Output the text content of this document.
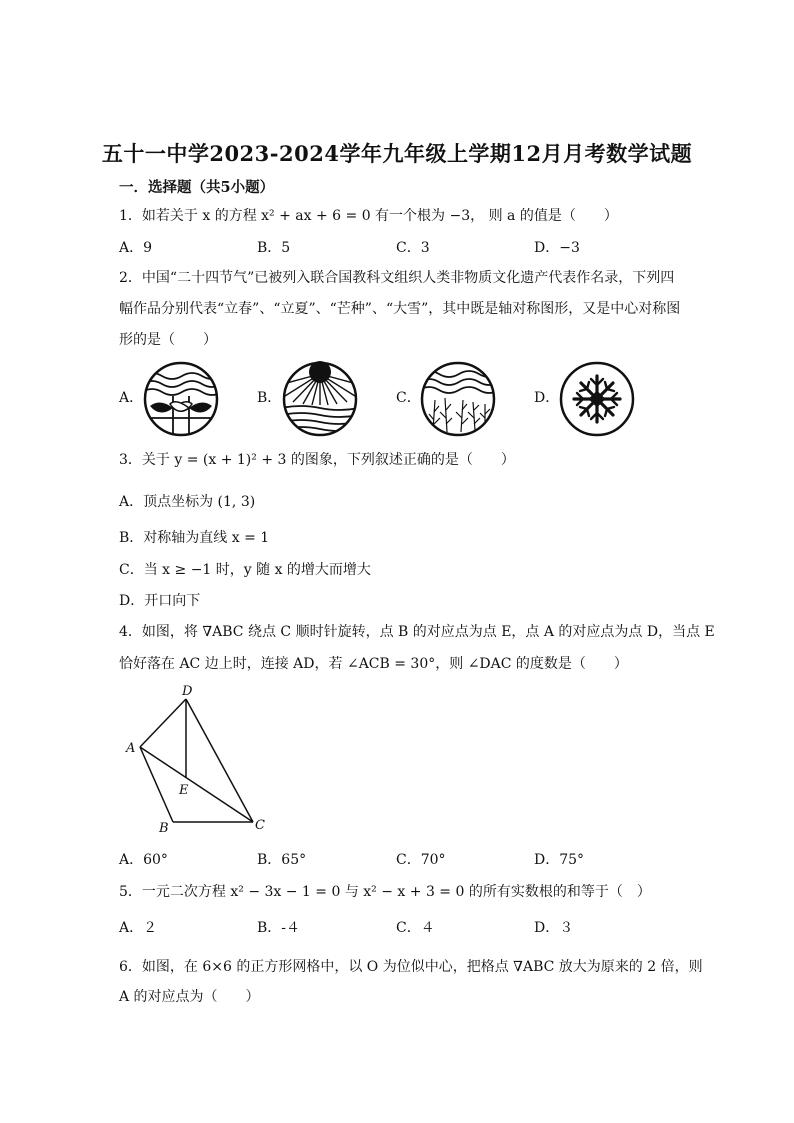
五十一中学2023-2024学年九年级上学期12月月考数学试题
一．选择题（共5小题）
1．如若关于 x 的方程 x² + ax + 6 = 0 有一个根为 −3， 则 a 的值是（　　）
A．9	B．5	C．3	D．−3
2．中国“二十四节气”已被列入联合国教科文组织人类非物质文化遗产代表作名录，下列四
幅作品分别代表“立春”、“立夏”、“芒种”、“大雪”，其中既是轴对称图形，又是中心对称图
形的是（　　）
A．	B．	C．	D．
3．关于 y = (x + 1)² + 3 的图象，下列叙述正确的是（　　）
A．顶点坐标为 (1, 3)
B．对称轴为直线 x = 1
C．当 x ≥ −1 时，y 随 x 的增大而增大
D．开口向下
4．如图，将 ∇ABC 绕点 C 顺时针旋转，点 B 的对应点为点 E，点 A 的对应点为点 D，当点 E
恰好落在 AC 边上时，连接 AD，若 ∠ACB = 30°，则 ∠DAC 的度数是（　　）
D
A
E
B	C
A．60°	B．65°	C．70°	D．75°
5．一元二次方程 x² − 3x − 1 = 0 与 x² − x + 3 = 0 的所有实数根的和等于（　）
A．２	B．-４	C．４	D．３
6．如图，在 6×6 的正方形网格中，以 O 为位似中心，把格点 ∇ABC 放大为原来的 2 倍，则
A 的对应点为（　　）
